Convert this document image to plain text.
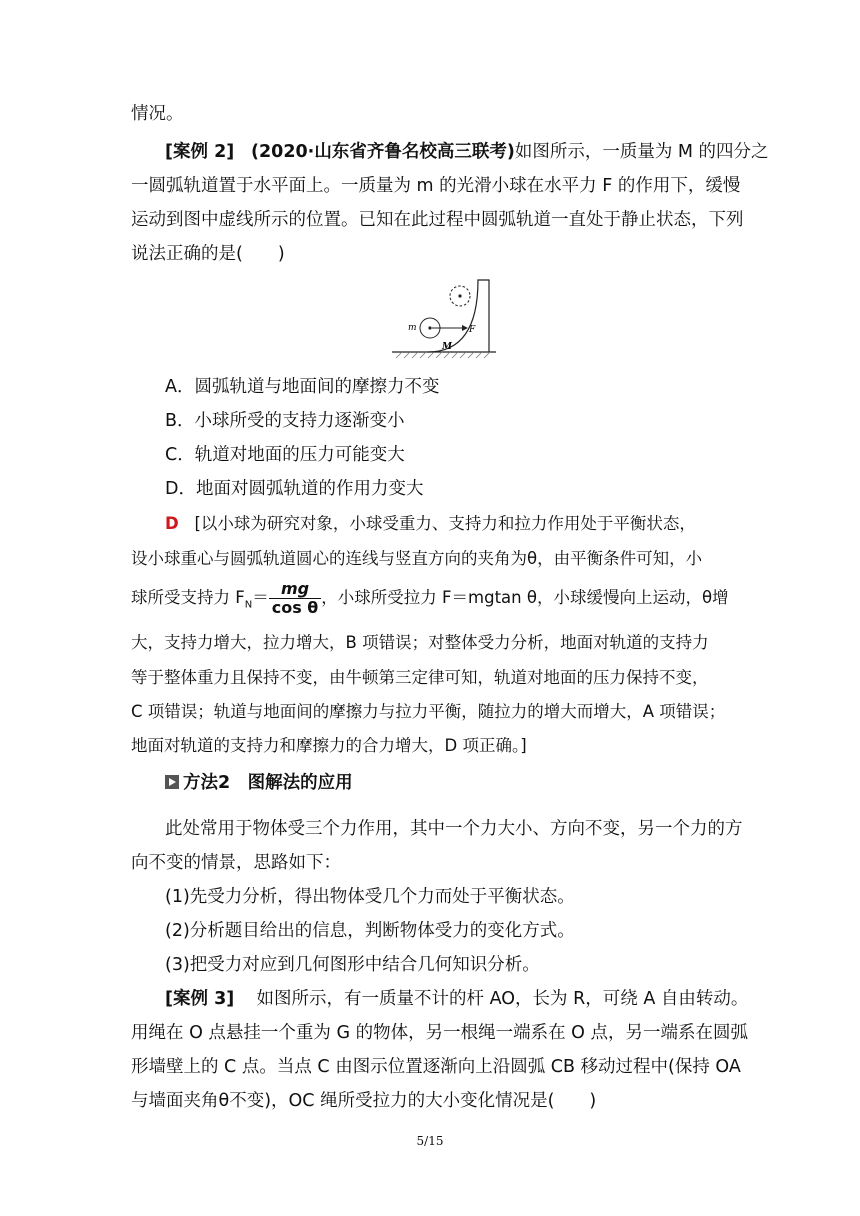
情况。
[案例 2] (2020·山东省齐鲁名校高三联考)如图所示，一质量为 M 的四分之
一圆弧轨道置于水平面上。一质量为 m 的光滑小球在水平力 F 的作用下，缓慢
运动到图中虚线所示的位置。已知在此过程中圆弧轨道一直处于静止状态，下列
说法正确的是(　　)
m	F
M
A．圆弧轨道与地面间的摩擦力不变
B．小球所受的支持力逐渐变小
C．轨道对地面的压力可能变大
D．地面对圆弧轨道的作用力变大
D [以小球为研究对象，小球受重力、支持力和拉力作用处于平衡状态，
设小球重心与圆弧轨道圆心的连线与竖直方向的夹角为θ，由平衡条件可知，小
球所受支持力 $F_N= \frac{mg}{\text{cos θ}}$ ，小球所受拉力 F＝mgtan θ，小球缓慢向上运动，θ增
大，支持力增大，拉力增大，B 项错误；对整体受力分析，地面对轨道的支持力
等于整体重力且保持不变，由牛顿第三定律可知，轨道对地面的压力保持不变，
C 项错误；轨道与地面间的摩擦力与拉力平衡，随拉力的增大而增大，A 项错误；
地面对轨道的支持力和摩擦力的合力增大，D 项正确。]
方法2　图解法的应用
此处常用于物体受三个力作用，其中一个力大小、方向不变，另一个力的方
向不变的情景，思路如下：
(1)先受力分析，得出物体受几个力而处于平衡状态。
(2)分析题目给出的信息，判断物体受力的变化方式。
(3)把受力对应到几何图形中结合几何知识分析。
[案例 3] 如图所示，有一质量不计的杆 AO，长为 R，可绕 A 自由转动。
用绳在 O 点悬挂一个重为 G 的物体，另一根绳一端系在 O 点，另一端系在圆弧
形墙壁上的 C 点。当点 C 由图示位置逐渐向上沿圆弧 CB 移动过程中(保持 OA
与墙面夹角θ不变)，OC 绳所受拉力的大小变化情况是(　　)
5/15
